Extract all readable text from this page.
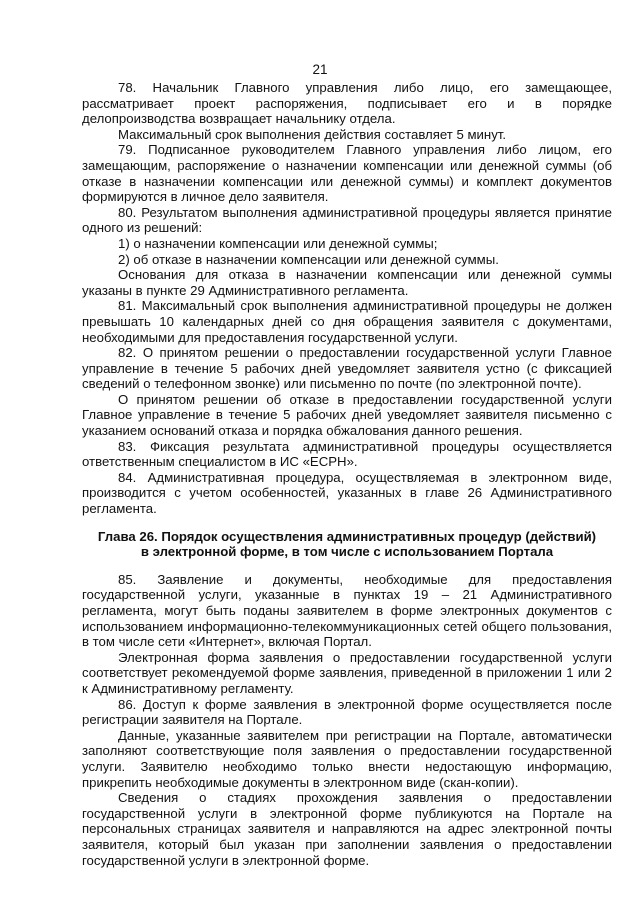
21

78. Начальник Главного управления либо лицо, его замещающее, рассматривает проект распоряжения, подписывает его и в порядке делопроизводства возвращает начальнику отдела.

Максимальный срок выполнения действия составляет 5 минут.

79. Подписанное руководителем Главного управления либо лицом, его замещающим, распоряжение о назначении компенсации или денежной суммы (об отказе в назначении компенсации или денежной суммы) и комплект документов формируются в личное дело заявителя.

80. Результатом выполнения административной процедуры является принятие одного из решений:

1) о назначении компенсации или денежной суммы;

2) об отказе в назначении компенсации или денежной суммы.

Основания для отказа в назначении компенсации или денежной суммы указаны в пункте 29 Административного регламента.

81. Максимальный срок выполнения административной процедуры не должен превышать 10 календарных дней со дня обращения заявителя с документами, необходимыми для предоставления государственной услуги.

82. О принятом решении о предоставлении государственной услуги Главное управление в течение 5 рабочих дней уведомляет заявителя устно (с фиксацией сведений о телефонном звонке) или письменно по почте (по электронной почте).

О принятом решении об отказе в предоставлении государственной услуги Главное управление в течение 5 рабочих дней уведомляет заявителя письменно с указанием оснований отказа и порядка обжалования данного решения.

83. Фиксация результата административной процедуры осуществляется ответственным специалистом в ИС «ЕСРН».

84. Административная процедура, осуществляемая в электронном виде, производится с учетом особенностей, указанных в главе 26 Административного регламента.

Глава 26. Порядок осуществления административных процедур (действий)
в электронной форме, в том числе с использованием Портала

85. Заявление и документы, необходимые для предоставления государственной услуги, указанные в пунктах 19 – 21 Административного регламента, могут быть поданы заявителем в форме электронных документов с использованием информационно-телекоммуникационных сетей общего пользования, в том числе сети «Интернет», включая Портал.

Электронная форма заявления о предоставлении государственной услуги соответствует рекомендуемой форме заявления, приведенной в приложении 1 или 2 к Административному регламенту.

86. Доступ к форме заявления в электронной форме осуществляется после регистрации заявителя на Портале.

Данные, указанные заявителем при регистрации на Портале, автоматически заполняют соответствующие поля заявления о предоставлении государственной услуги. Заявителю необходимо только внести недостающую информацию, прикрепить необходимые документы в электронном виде (скан-копии).

Сведения о стадиях прохождения заявления о предоставлении государственной услуги в электронной форме публикуются на Портале на персональных страницах заявителя и направляются на адрес электронной почты заявителя, который был указан при заполнении заявления о предоставлении государственной услуги в электронной форме.
